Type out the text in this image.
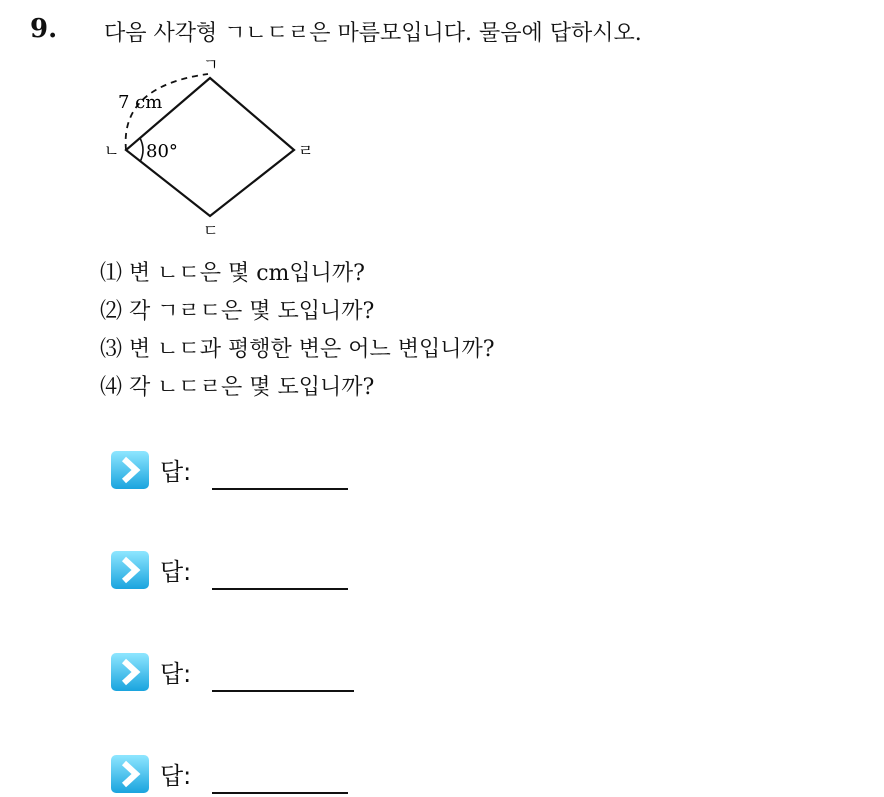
9. 다음 사각형 ㄱㄴㄷㄹ은 마름모입니다. 물음에 답하시오.
ㄱ
ㄴ
ㄷ
ㄹ
7 cm
80°
⑴ 변 ㄴㄷ은 몇 cm입니까?
⑵ 각 ㄱㄹㄷ은 몇 도입니까?
⑶ 변 ㄴㄷ과 평행한 변은 어느 변입니까?
⑷ 각 ㄴㄷㄹ은 몇 도입니까?
답:
답:
답:
답:
